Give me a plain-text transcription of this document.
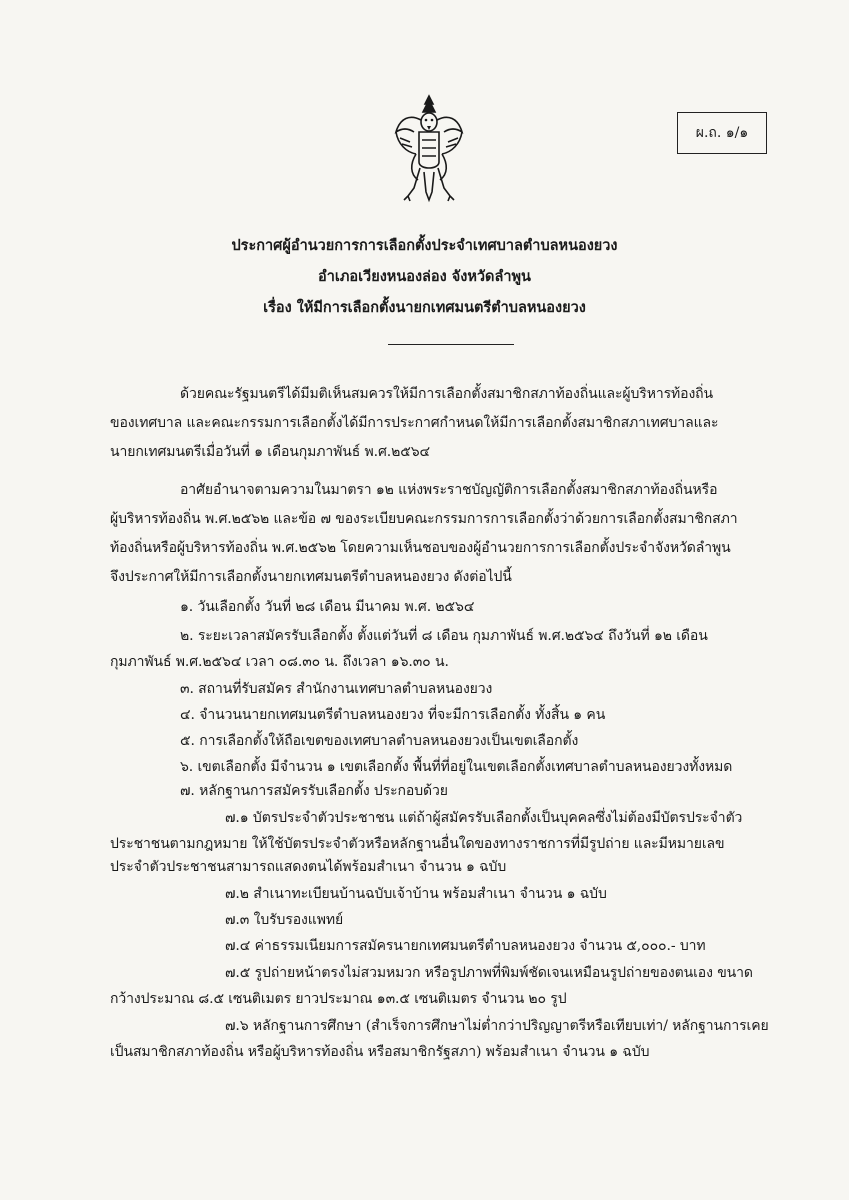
ผ.ถ. ๑/๑
ประกาศผู้อำนวยการการเลือกตั้งประจำเทศบาลตำบลหนองยวง
อำเภอเวียงหนองล่อง จังหวัดลำพูน
เรื่อง ให้มีการเลือกตั้งนายกเทศมนตรีตำบลหนองยวง
ด้วยคณะรัฐมนตรีได้มีมติเห็นสมควรให้มีการเลือกตั้งสมาชิกสภาท้องถิ่นและผู้บริหารท้องถิ่น
ของเทศบาล และคณะกรรมการเลือกตั้งได้มีการประกาศกำหนดให้มีการเลือกตั้งสมาชิกสภาเทศบาลและ
นายกเทศมนตรีเมื่อวันที่ ๑ เดือนกุมภาพันธ์ พ.ศ.๒๕๖๔
อาศัยอำนาจตามความในมาตรา ๑๒ แห่งพระราชบัญญัติการเลือกตั้งสมาชิกสภาท้องถิ่นหรือ
ผู้บริหารท้องถิ่น พ.ศ.๒๕๖๒ และข้อ ๗ ของระเบียบคณะกรรมการการเลือกตั้งว่าด้วยการเลือกตั้งสมาชิกสภา
ท้องถิ่นหรือผู้บริหารท้องถิ่น พ.ศ.๒๕๖๒ โดยความเห็นชอบของผู้อำนวยการการเลือกตั้งประจำจังหวัดลำพูน
จึงประกาศให้มีการเลือกตั้งนายกเทศมนตรีตำบลหนองยวง ดังต่อไปนี้
๑. วันเลือกตั้ง วันที่ ๒๘ เดือน มีนาคม พ.ศ. ๒๕๖๔
๒. ระยะเวลาสมัครรับเลือกตั้ง ตั้งแต่วันที่ ๘ เดือน กุมภาพันธ์ พ.ศ.๒๕๖๔ ถึงวันที่ ๑๒ เดือน
กุมภาพันธ์ พ.ศ.๒๕๖๔ เวลา ๐๘.๓๐ น. ถึงเวลา ๑๖.๓๐ น.
๓. สถานที่รับสมัคร สำนักงานเทศบาลตำบลหนองยวง
๔. จำนวนนายกเทศมนตรีตำบลหนองยวง ที่จะมีการเลือกตั้ง ทั้งสิ้น ๑ คน
๕. การเลือกตั้งให้ถือเขตของเทศบาลตำบลหนองยวงเป็นเขตเลือกตั้ง
๖. เขตเลือกตั้ง มีจำนวน ๑ เขตเลือกตั้ง พื้นที่ที่อยู่ในเขตเลือกตั้งเทศบาลตำบลหนองยวงทั้งหมด
๗. หลักฐานการสมัครรับเลือกตั้ง ประกอบด้วย
๗.๑ บัตรประจำตัวประชาชน แต่ถ้าผู้สมัครรับเลือกตั้งเป็นบุคคลซึ่งไม่ต้องมีบัตรประจำตัว
ประชาชนตามกฎหมาย ให้ใช้บัตรประจำตัวหรือหลักฐานอื่นใดของทางราชการที่มีรูปถ่าย และมีหมายเลข
ประจำตัวประชาชนสามารถแสดงตนได้พร้อมสำเนา จำนวน ๑ ฉบับ
๗.๒ สำเนาทะเบียนบ้านฉบับเจ้าบ้าน พร้อมสำเนา จำนวน ๑ ฉบับ
๗.๓ ใบรับรองแพทย์
๗.๔ ค่าธรรมเนียมการสมัครนายกเทศมนตรีตำบลหนองยวง จำนวน ๕,๐๐๐.- บาท
๗.๕ รูปถ่ายหน้าตรงไม่สวมหมวก หรือรูปภาพที่พิมพ์ชัดเจนเหมือนรูปถ่ายของตนเอง ขนาด
กว้างประมาณ ๘.๕ เซนติเมตร ยาวประมาณ ๑๓.๕ เซนติเมตร จำนวน ๒๐ รูป
๗.๖ หลักฐานการศึกษา (สำเร็จการศึกษาไม่ต่ำกว่าปริญญาตรีหรือเทียบเท่า/ หลักฐานการเคย
เป็นสมาชิกสภาท้องถิ่น หรือผู้บริหารท้องถิ่น หรือสมาชิกรัฐสภา) พร้อมสำเนา จำนวน ๑ ฉบับ
